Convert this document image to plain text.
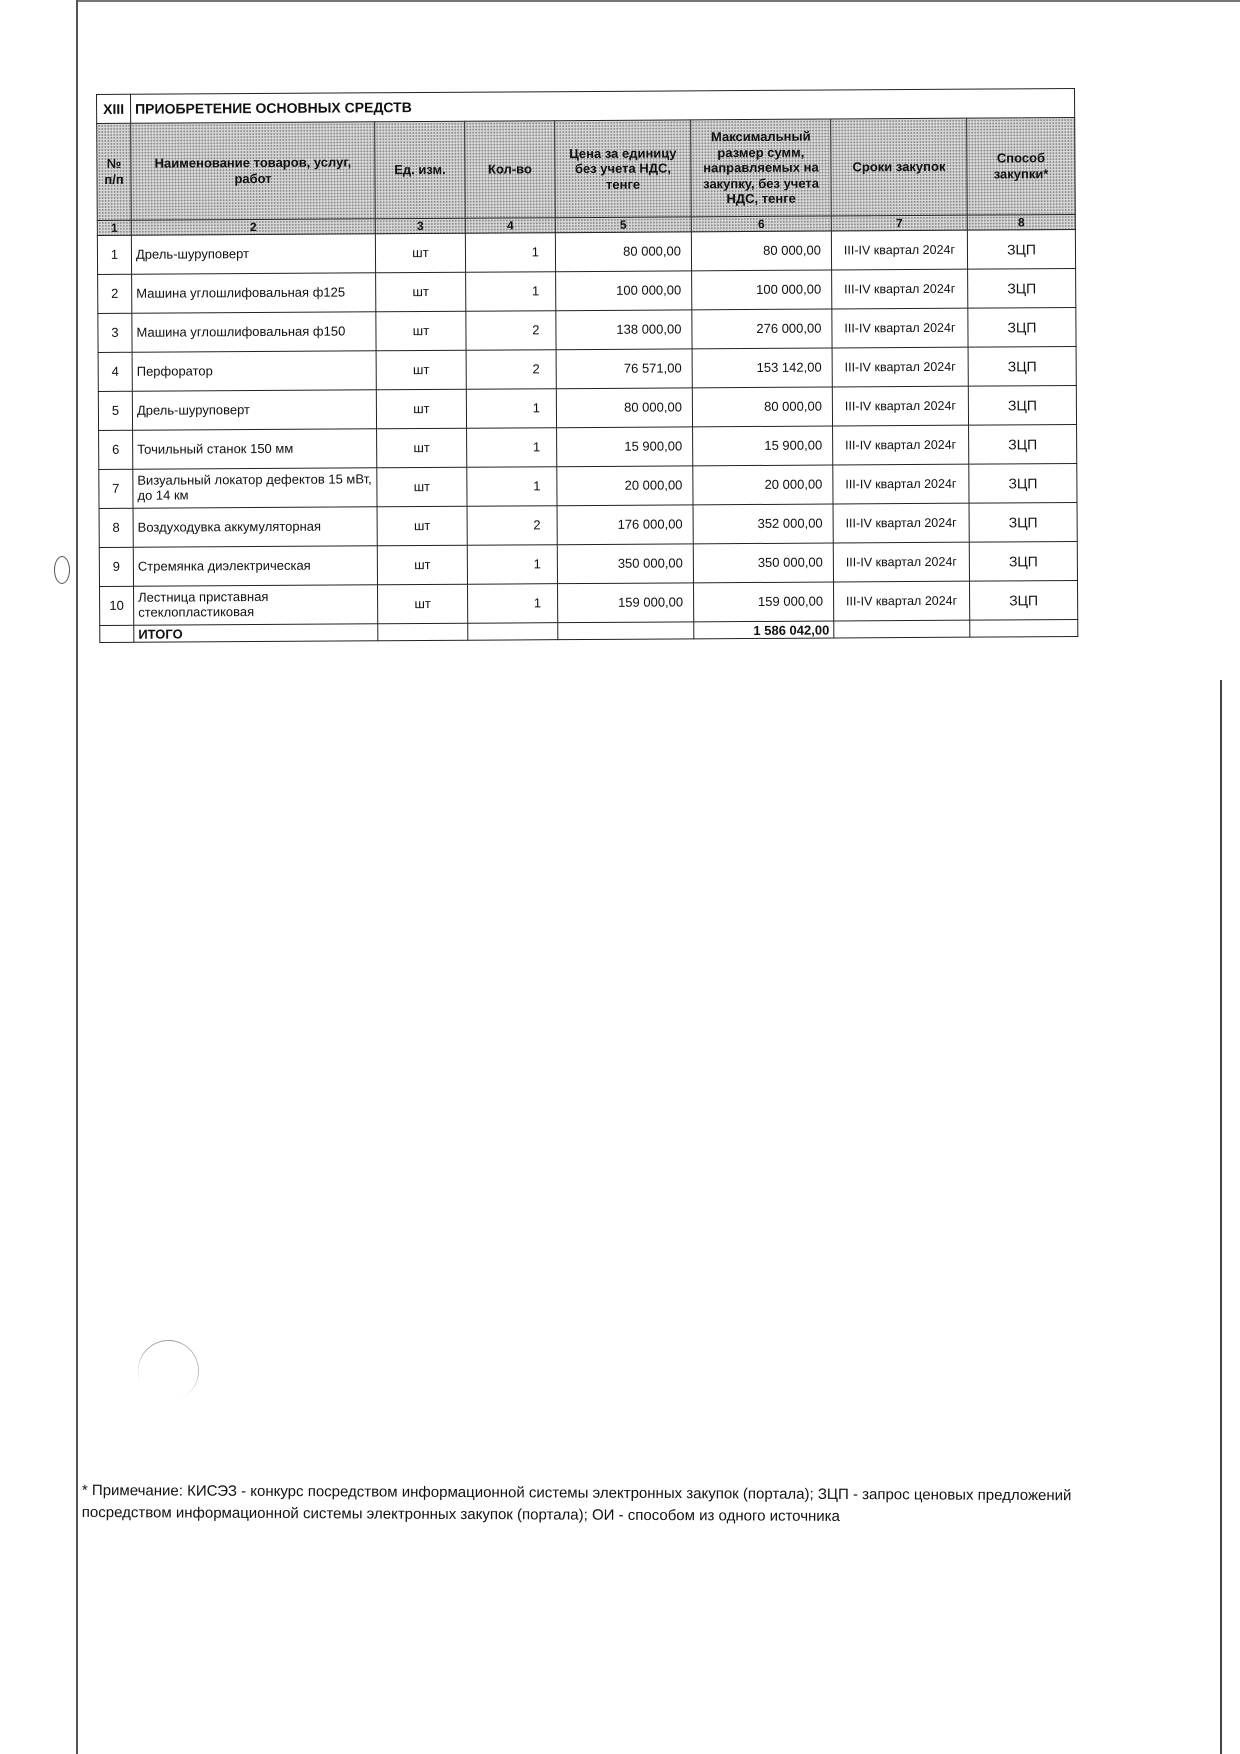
XIII	ПРИОБРЕТЕНИЕ ОСНОВНЫХ СРЕДСТВ						
№ п/п	Наименование товаров, услуг, работ	Ед. изм.	Кол-во	Цена за единицу без учета НДС, тенге	Максимальный размер сумм, направляемых на закупку, без учета НДС, тенге	Сроки закупок	Способ закупки*
1	2	3	4	5	6	7	8
1	Дрель-шуруповерт	шт	1	80 000,00	80 000,00	III-IV квартал 2024г	ЗЦП
2	Машина углошлифовальная ф125	шт	1	100 000,00	100 000,00	III-IV квартал 2024г	ЗЦП
3	Машина углошлифовальная ф150	шт	2	138 000,00	276 000,00	III-IV квартал 2024г	ЗЦП
4	Перфоратор	шт	2	76 571,00	153 142,00	III-IV квартал 2024г	ЗЦП
5	Дрель-шуруповерт	шт	1	80 000,00	80 000,00	III-IV квартал 2024г	ЗЦП
6	Точильный станок 150 мм	шт	1	15 900,00	15 900,00	III-IV квартал 2024г	ЗЦП
7	Визуальный локатор дефектов 15 мВт, до 14 км	шт	1	20 000,00	20 000,00	III-IV квартал 2024г	ЗЦП
8	Воздуходувка аккумуляторная	шт	2	176 000,00	352 000,00	III-IV квартал 2024г	ЗЦП
9	Стремянка диэлектрическая	шт	1	350 000,00	350 000,00	III-IV квартал 2024г	ЗЦП
10	Лестница приставная стеклопластиковая	шт	1	159 000,00	159 000,00	III-IV квартал 2024г	ЗЦП
	ИТОГО				1 586 042,00		
* Примечание: КИСЭЗ - конкурс посредством информационной системы электронных закупок (портала); ЗЦП - запрос ценовых предложений посредством информационной системы электронных закупок (портала); ОИ - способом из одного источника
